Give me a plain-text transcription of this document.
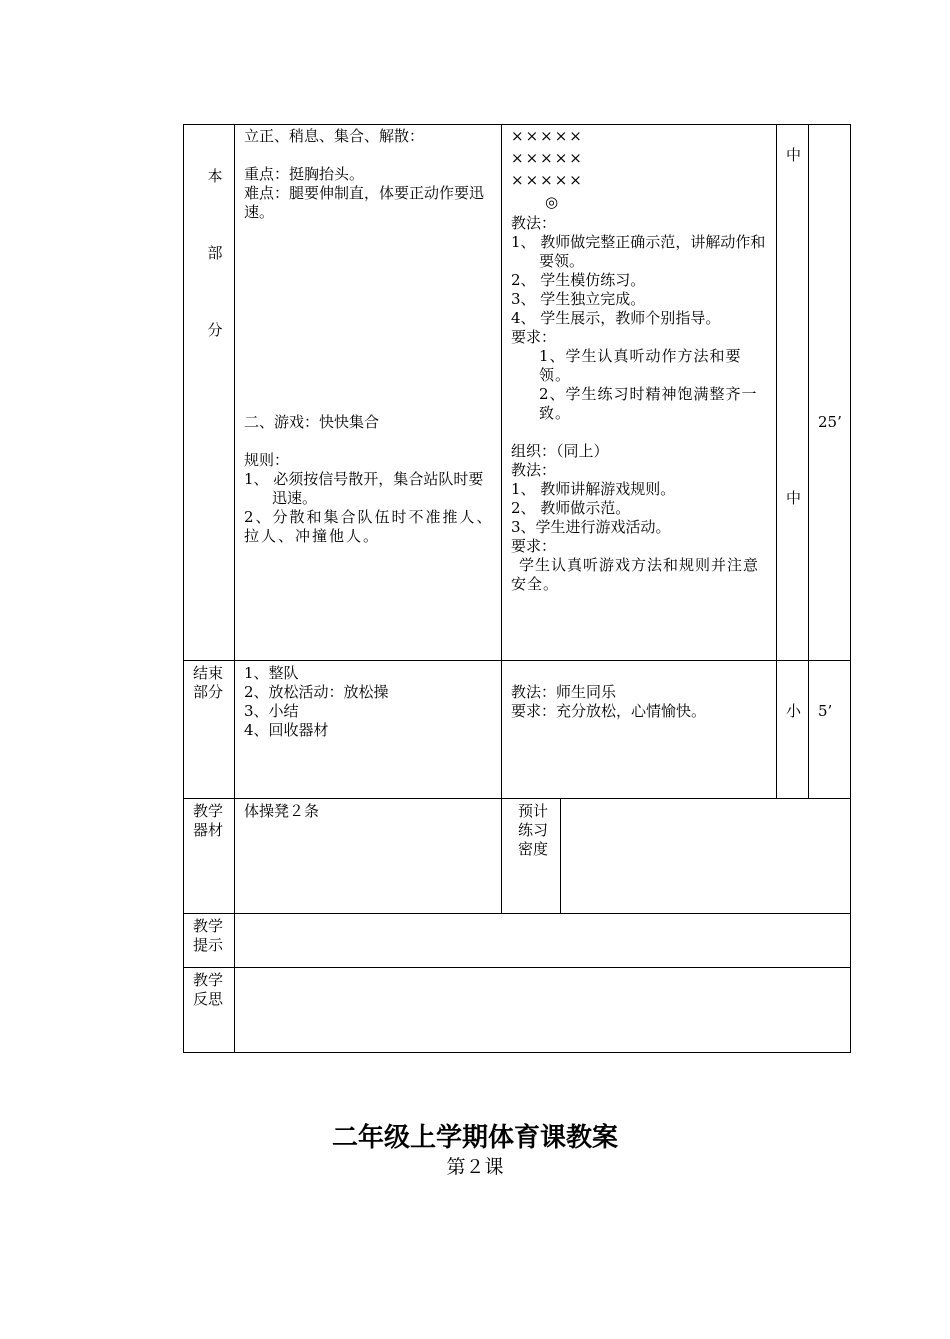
本
部
分
立正、稍息、集合、解散：
重点：挺胸抬头。
难点：腿要伸制直，体要正动作要迅速。
二、游戏：快快集合
规则：
1、 必须按信号散开，集合站队时要迅速。
2、分散和集合队伍时不准推人、拉人、冲撞他人。
×××××
×××××
×××××
◎
教法：
1、 教师做完整正确示范，讲解动作和要领。
2、 学生模仿练习。
3、 学生独立完成。
4、 学生展示，教师个别指导。
要求：
1、学生认真听动作方法和要领。
2、学生练习时精神饱满整齐一致。
组织：（同上）
教法：
1、 教师讲解游戏规则。
2、 教师做示范。
3、学生进行游戏活动。
要求：
学生认真听游戏方法和规则并注意安全。
中
中
25’
结束部分
1、整队
2、放松活动：放松操
3、小结
4、回收器材
教法：师生同乐
要求：充分放松，心情愉快。	小 5’
教学器材
体操凳２条	预计练习密度
教学提示
教学反思
二年级上学期体育课教案
第２课
